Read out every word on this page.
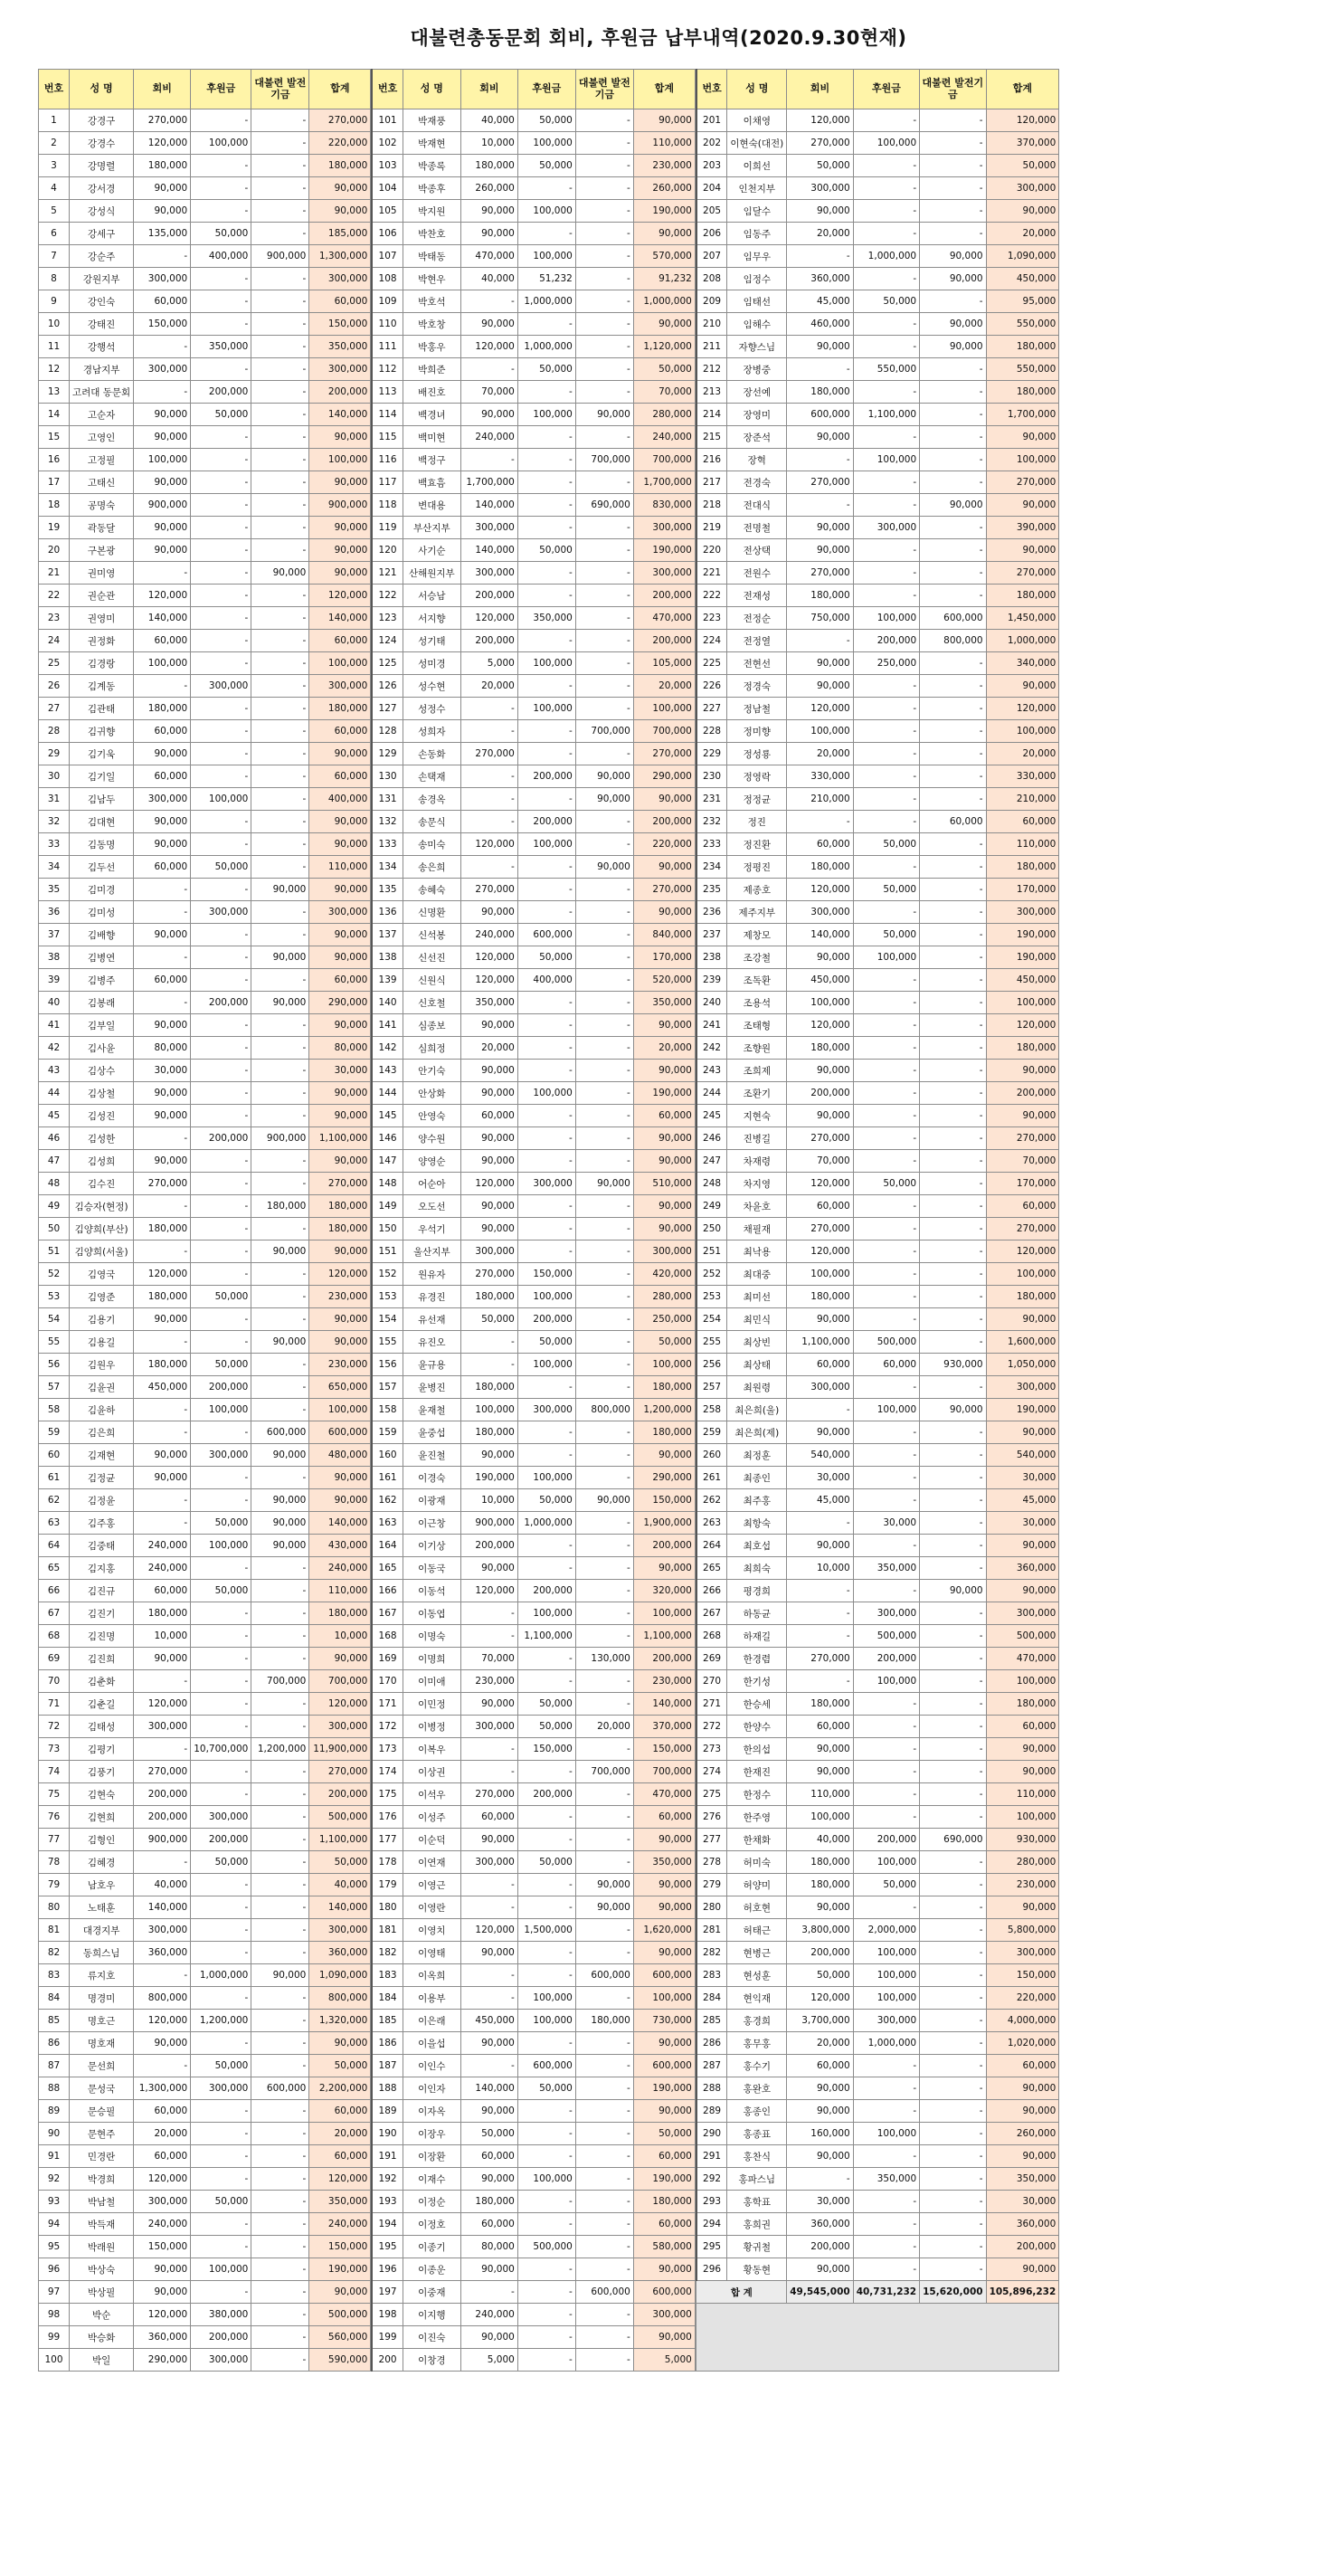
대불련총동문회 회비, 후원금 납부내역(2020.9.30현재)
번호	성 명	회비	후원금	대불련 발전기금	합계
1	강경구	270,000	-	-	270,000
2	강경수	120,000	100,000	-	220,000
3	강명렬	180,000	-	-	180,000
4	강서경	90,000	-	-	90,000
5	강성식	90,000	-	-	90,000
6	강세구	135,000	50,000	-	185,000
7	강순주	-	400,000	900,000	1,300,000
8	강원지부	300,000	-	-	300,000
9	강인숙	60,000	-	-	60,000
10	강태진	150,000	-	-	150,000
11	강행석	-	350,000	-	350,000
12	경남지부	300,000	-	-	300,000
13	고려대 동문회	-	200,000	-	200,000
14	고순자	90,000	50,000	-	140,000
15	고영인	90,000	-	-	90,000
16	고정필	100,000	-	-	100,000
17	고태신	90,000	-	-	90,000
18	공명숙	900,000	-	-	900,000
19	곽동달	90,000	-	-	90,000
20	구본광	90,000	-	-	90,000
21	권미영	-	-	90,000	90,000
22	권순관	120,000	-	-	120,000
23	권영미	140,000	-	-	140,000
24	권정화	60,000	-	-	60,000
25	김경랑	100,000	-	-	100,000
26	김계동	-	300,000	-	300,000
27	김관태	180,000	-	-	180,000
28	김귀향	60,000	-	-	60,000
29	김기욱	90,000	-	-	90,000
30	김기일	60,000	-	-	60,000
31	김남두	300,000	100,000	-	400,000
32	김대현	90,000	-	-	90,000
33	김동명	90,000	-	-	90,000
34	김두선	60,000	50,000	-	110,000
35	김미경	-	-	90,000	90,000
36	김미성	-	300,000	-	300,000
37	김배향	90,000	-	-	90,000
38	김병연	-	-	90,000	90,000
39	김병주	60,000	-	-	60,000
40	김봉래	-	200,000	90,000	290,000
41	김부일	90,000	-	-	90,000
42	김사윤	80,000	-	-	80,000
43	김상수	30,000	-	-	30,000
44	김상철	90,000	-	-	90,000
45	김성진	90,000	-	-	90,000
46	김성한	-	200,000	900,000	1,100,000
47	김성희	90,000	-	-	90,000
48	김수진	270,000	-	-	270,000
49	김승자(현정)	-	-	180,000	180,000
50	김양희(부산)	180,000	-	-	180,000
51	김양희(서울)	-	-	90,000	90,000
52	김영국	120,000	-	-	120,000
53	김영준	180,000	50,000	-	230,000
54	김용기	90,000	-	-	90,000
55	김용길	-	-	90,000	90,000
56	김원우	180,000	50,000	-	230,000
57	김윤권	450,000	200,000	-	650,000
58	김윤하	-	100,000	-	100,000
59	김은희	-	-	600,000	600,000
60	김재현	90,000	300,000	90,000	480,000
61	김정균	90,000	-	-	90,000
62	김정윤	-	-	90,000	90,000
63	김주홍	-	50,000	90,000	140,000
64	김중태	240,000	100,000	90,000	430,000
65	김지홍	240,000	-	-	240,000
66	김진규	60,000	50,000	-	110,000
67	김진기	180,000	-	-	180,000
68	김진명	10,000	-	-	10,000
69	김진희	90,000	-	-	90,000
70	김춘화	-	-	700,000	700,000
71	김춘길	120,000	-	-	120,000
72	김태성	300,000	-	-	300,000
73	김평기	-	10,700,000	1,200,000	11,900,000
74	김풍기	270,000	-	-	270,000
75	김현숙	200,000	-	-	200,000
76	김현희	200,000	300,000	-	500,000
77	김형인	900,000	200,000	-	1,100,000
78	김혜경	-	50,000	-	50,000
79	남호우	40,000	-	-	40,000
80	노태훈	140,000	-	-	140,000
81	대경지부	300,000	-	-	300,000
82	동희스님	360,000	-	-	360,000
83	류지호	-	1,000,000	90,000	1,090,000
84	명경미	800,000	-	-	800,000
85	명호근	120,000	1,200,000	-	1,320,000
86	명호재	90,000	-	-	90,000
87	문선희	-	50,000	-	50,000
88	문성국	1,300,000	300,000	600,000	2,200,000
89	문승필	60,000	-	-	60,000
90	문현주	20,000	-	-	20,000
91	민경란	60,000	-	-	60,000
92	박경희	120,000	-	-	120,000
93	박남철	300,000	50,000	-	350,000
94	박득재	240,000	-	-	240,000
95	박래원	150,000	-	-	150,000
96	박상숙	90,000	100,000	-	190,000
97	박상필	90,000	-	-	90,000
98	박순	120,000	380,000	-	500,000
99	박승화	360,000	200,000	-	560,000
100	박일	290,000	300,000	-	590,000
번호	성 명	회비	후원금	대불련 발전기금	합계
101	박재풍	40,000	50,000	-	90,000
102	박재현	10,000	100,000	-	110,000
103	박종록	180,000	50,000	-	230,000
104	박종후	260,000	-	-	260,000
105	박지원	90,000	100,000	-	190,000
106	박찬호	90,000	-	-	90,000
107	박태동	470,000	100,000	-	570,000
108	박현우	40,000	51,232	-	91,232
109	박호석	-	1,000,000	-	1,000,000
110	박호창	90,000	-	-	90,000
111	박홍우	120,000	1,000,000	-	1,120,000
112	박희준	-	50,000	-	50,000
113	배진호	70,000	-	-	70,000
114	백경녀	90,000	100,000	90,000	280,000
115	백미현	240,000	-	-	240,000
116	백정구	-	-	700,000	700,000
117	백효흠	1,700,000	-	-	1,700,000
118	변대용	140,000	-	690,000	830,000
119	부산지부	300,000	-	-	300,000
120	사기순	140,000	50,000	-	190,000
121	산해원지부	300,000	-	-	300,000
122	서승남	200,000	-	-	200,000
123	서지향	120,000	350,000	-	470,000
124	성기태	200,000	-	-	200,000
125	성미경	5,000	100,000	-	105,000
126	성수현	20,000	-	-	20,000
127	성정수	-	100,000	-	100,000
128	성희자	-	-	700,000	700,000
129	손동화	270,000	-	-	270,000
130	손택재	-	200,000	90,000	290,000
131	송경옥	-	-	90,000	90,000
132	송문식	-	200,000	-	200,000
133	송미숙	120,000	100,000	-	220,000
134	송은희	-	-	90,000	90,000
135	송혜숙	270,000	-	-	270,000
136	신명환	90,000	-	-	90,000
137	신석봉	240,000	600,000	-	840,000
138	신선진	120,000	50,000	-	170,000
139	신원식	120,000	400,000	-	520,000
140	신호철	350,000	-	-	350,000
141	심종보	90,000	-	-	90,000
142	심희정	20,000	-	-	20,000
143	안기숙	90,000	-	-	90,000
144	안상화	90,000	100,000	-	190,000
145	안영숙	60,000	-	-	60,000
146	양수원	90,000	-	-	90,000
147	양영순	90,000	-	-	90,000
148	어순아	120,000	300,000	90,000	510,000
149	오도선	90,000	-	-	90,000
150	우석기	90,000	-	-	90,000
151	울산지부	300,000	-	-	300,000
152	원유자	270,000	150,000	-	420,000
153	유경진	180,000	100,000	-	280,000
154	유선재	50,000	200,000	-	250,000
155	유진오	-	50,000	-	50,000
156	윤규용	-	100,000	-	100,000
157	윤병진	180,000	-	-	180,000
158	윤재철	100,000	300,000	800,000	1,200,000
159	윤중섭	180,000	-	-	180,000
160	윤진철	90,000	-	-	90,000
161	이경숙	190,000	100,000	-	290,000
162	이광재	10,000	50,000	90,000	150,000
163	이근창	900,000	1,000,000	-	1,900,000
164	이기상	200,000	-	-	200,000
165	이동국	90,000	-	-	90,000
166	이동석	120,000	200,000	-	320,000
167	이동엽	-	100,000	-	100,000
168	이명숙	-	1,100,000	-	1,100,000
169	이명희	70,000	-	130,000	200,000
170	이미애	230,000	-	-	230,000
171	이민정	90,000	50,000	-	140,000
172	이병정	300,000	50,000	20,000	370,000
173	이복우	-	150,000	-	150,000
174	이상권	-	-	700,000	700,000
175	이석우	270,000	200,000	-	470,000
176	이성주	60,000	-	-	60,000
177	이순덕	90,000	-	-	90,000
178	이연재	300,000	50,000	-	350,000
179	이영근	-	-	90,000	90,000
180	이영란	-	-	90,000	90,000
181	이영치	120,000	1,500,000	-	1,620,000
182	이영태	90,000	-	-	90,000
183	이옥희	-	-	600,000	600,000
184	이용부	-	100,000	-	100,000
185	이은래	450,000	100,000	180,000	730,000
186	이을섭	90,000	-	-	90,000
187	이인수	-	600,000	-	600,000
188	이인자	140,000	50,000	-	190,000
189	이자옥	90,000	-	-	90,000
190	이장우	50,000	-	-	50,000
191	이장환	60,000	-	-	60,000
192	이재수	90,000	100,000	-	190,000
193	이정순	180,000	-	-	180,000
194	이정호	60,000	-	-	60,000
195	이종기	80,000	500,000	-	580,000
196	이종운	90,000	-	-	90,000
197	이중재	-	-	600,000	600,000
198	이지행	240,000	-	-	300,000
199	이진숙	90,000	-	-	90,000
200	이창경	5,000	-	-	5,000
번호	성 명	회비	후원금	대불련 발전기금	합계
201	이채영	120,000	-	-	120,000
202	이현숙(대전)	270,000	100,000	-	370,000
203	이희선	50,000	-	-	50,000
204	인천지부	300,000	-	-	300,000
205	임달수	90,000	-	-	90,000
206	임동주	20,000	-	-	20,000
207	임무우	-	1,000,000	90,000	1,090,000
208	임정수	360,000	-	90,000	450,000
209	임태선	45,000	50,000	-	95,000
210	임해수	460,000	-	90,000	550,000
211	자향스님	90,000	-	90,000	180,000
212	장병중	-	550,000	-	550,000
213	장선예	180,000	-	-	180,000
214	장영미	600,000	1,100,000	-	1,700,000
215	장준석	90,000	-	-	90,000
216	장혁	-	100,000	-	100,000
217	전경숙	270,000	-	-	270,000
218	전대식	-	-	90,000	90,000
219	전명철	90,000	300,000	-	390,000
220	전상택	90,000	-	-	90,000
221	전원수	270,000	-	-	270,000
222	전재성	180,000	-	-	180,000
223	전정순	750,000	100,000	600,000	1,450,000
224	전정열	-	200,000	800,000	1,000,000
225	전현선	90,000	250,000	-	340,000
226	정경숙	90,000	-	-	90,000
227	정남철	120,000	-	-	120,000
228	정미향	100,000	-	-	100,000
229	정성룡	20,000	-	-	20,000
230	정영락	330,000	-	-	330,000
231	정정균	210,000	-	-	210,000
232	정진	-	-	60,000	60,000
233	정진환	60,000	50,000	-	110,000
234	정평진	180,000	-	-	180,000
235	제종호	120,000	50,000	-	170,000
236	제주지부	300,000	-	-	300,000
237	제창모	140,000	50,000	-	190,000
238	조강철	90,000	100,000	-	190,000
239	조독환	450,000	-	-	450,000
240	조용석	100,000	-	-	100,000
241	조태형	120,000	-	-	120,000
242	조향원	180,000	-	-	180,000
243	조희제	90,000	-	-	90,000
244	조환기	200,000	-	-	200,000
245	지현숙	90,000	-	-	90,000
246	진병길	270,000	-	-	270,000
247	차재령	70,000	-	-	70,000
248	차지영	120,000	50,000	-	170,000
249	차윤호	60,000	-	-	60,000
250	채필재	270,000	-	-	270,000
251	최낙용	120,000	-	-	120,000
252	최대중	100,000	-	-	100,000
253	최미선	180,000	-	-	180,000
254	최민식	90,000	-	-	90,000
255	최상빈	1,100,000	500,000	-	1,600,000
256	최상태	60,000	60,000	930,000	1,050,000
257	최원령	300,000	-	-	300,000
258	최은희(울)	-	100,000	90,000	190,000
259	최은희(제)	90,000	-	-	90,000
260	최정훈	540,000	-	-	540,000
261	최종인	30,000	-	-	30,000
262	최주홍	45,000	-	-	45,000
263	최항숙	-	30,000	-	30,000
264	최호섭	90,000	-	-	90,000
265	최희숙	10,000	350,000	-	360,000
266	평경희	-	-	90,000	90,000
267	하동균	-	300,000	-	300,000
268	하재길	-	500,000	-	500,000
269	한경렴	270,000	200,000	-	470,000
270	한기성	-	100,000	-	100,000
271	한승세	180,000	-	-	180,000
272	한양수	60,000	-	-	60,000
273	한의섭	90,000	-	-	90,000
274	한재진	90,000	-	-	90,000
275	한정수	110,000	-	-	110,000
276	한주영	100,000	-	-	100,000
277	한채화	40,000	200,000	690,000	930,000
278	허미숙	180,000	100,000	-	280,000
279	허양미	180,000	50,000	-	230,000
280	허호현	90,000	-	-	90,000
281	허태근	3,800,000	2,000,000	-	5,800,000
282	현병근	200,000	100,000	-	300,000
283	현성훈	50,000	100,000	-	150,000
284	현익재	120,000	100,000	-	220,000
285	홍경희	3,700,000	300,000	-	4,000,000
286	홍무홍	20,000	1,000,000	-	1,020,000
287	홍수기	60,000	-	-	60,000
288	홍완호	90,000	-	-	90,000
289	홍종인	90,000	-	-	90,000
290	홍종표	160,000	100,000	-	260,000
291	홍찬식	90,000	-	-	90,000
292	홍파스님	-	350,000	-	350,000
293	홍학표	30,000	-	-	30,000
294	홍희권	360,000	-	-	360,000
295	황귀철	200,000	-	-	200,000
296	황동현	90,000	-	-	90,000
합 계		49,545,000	40,731,232	15,620,000	105,896,232
